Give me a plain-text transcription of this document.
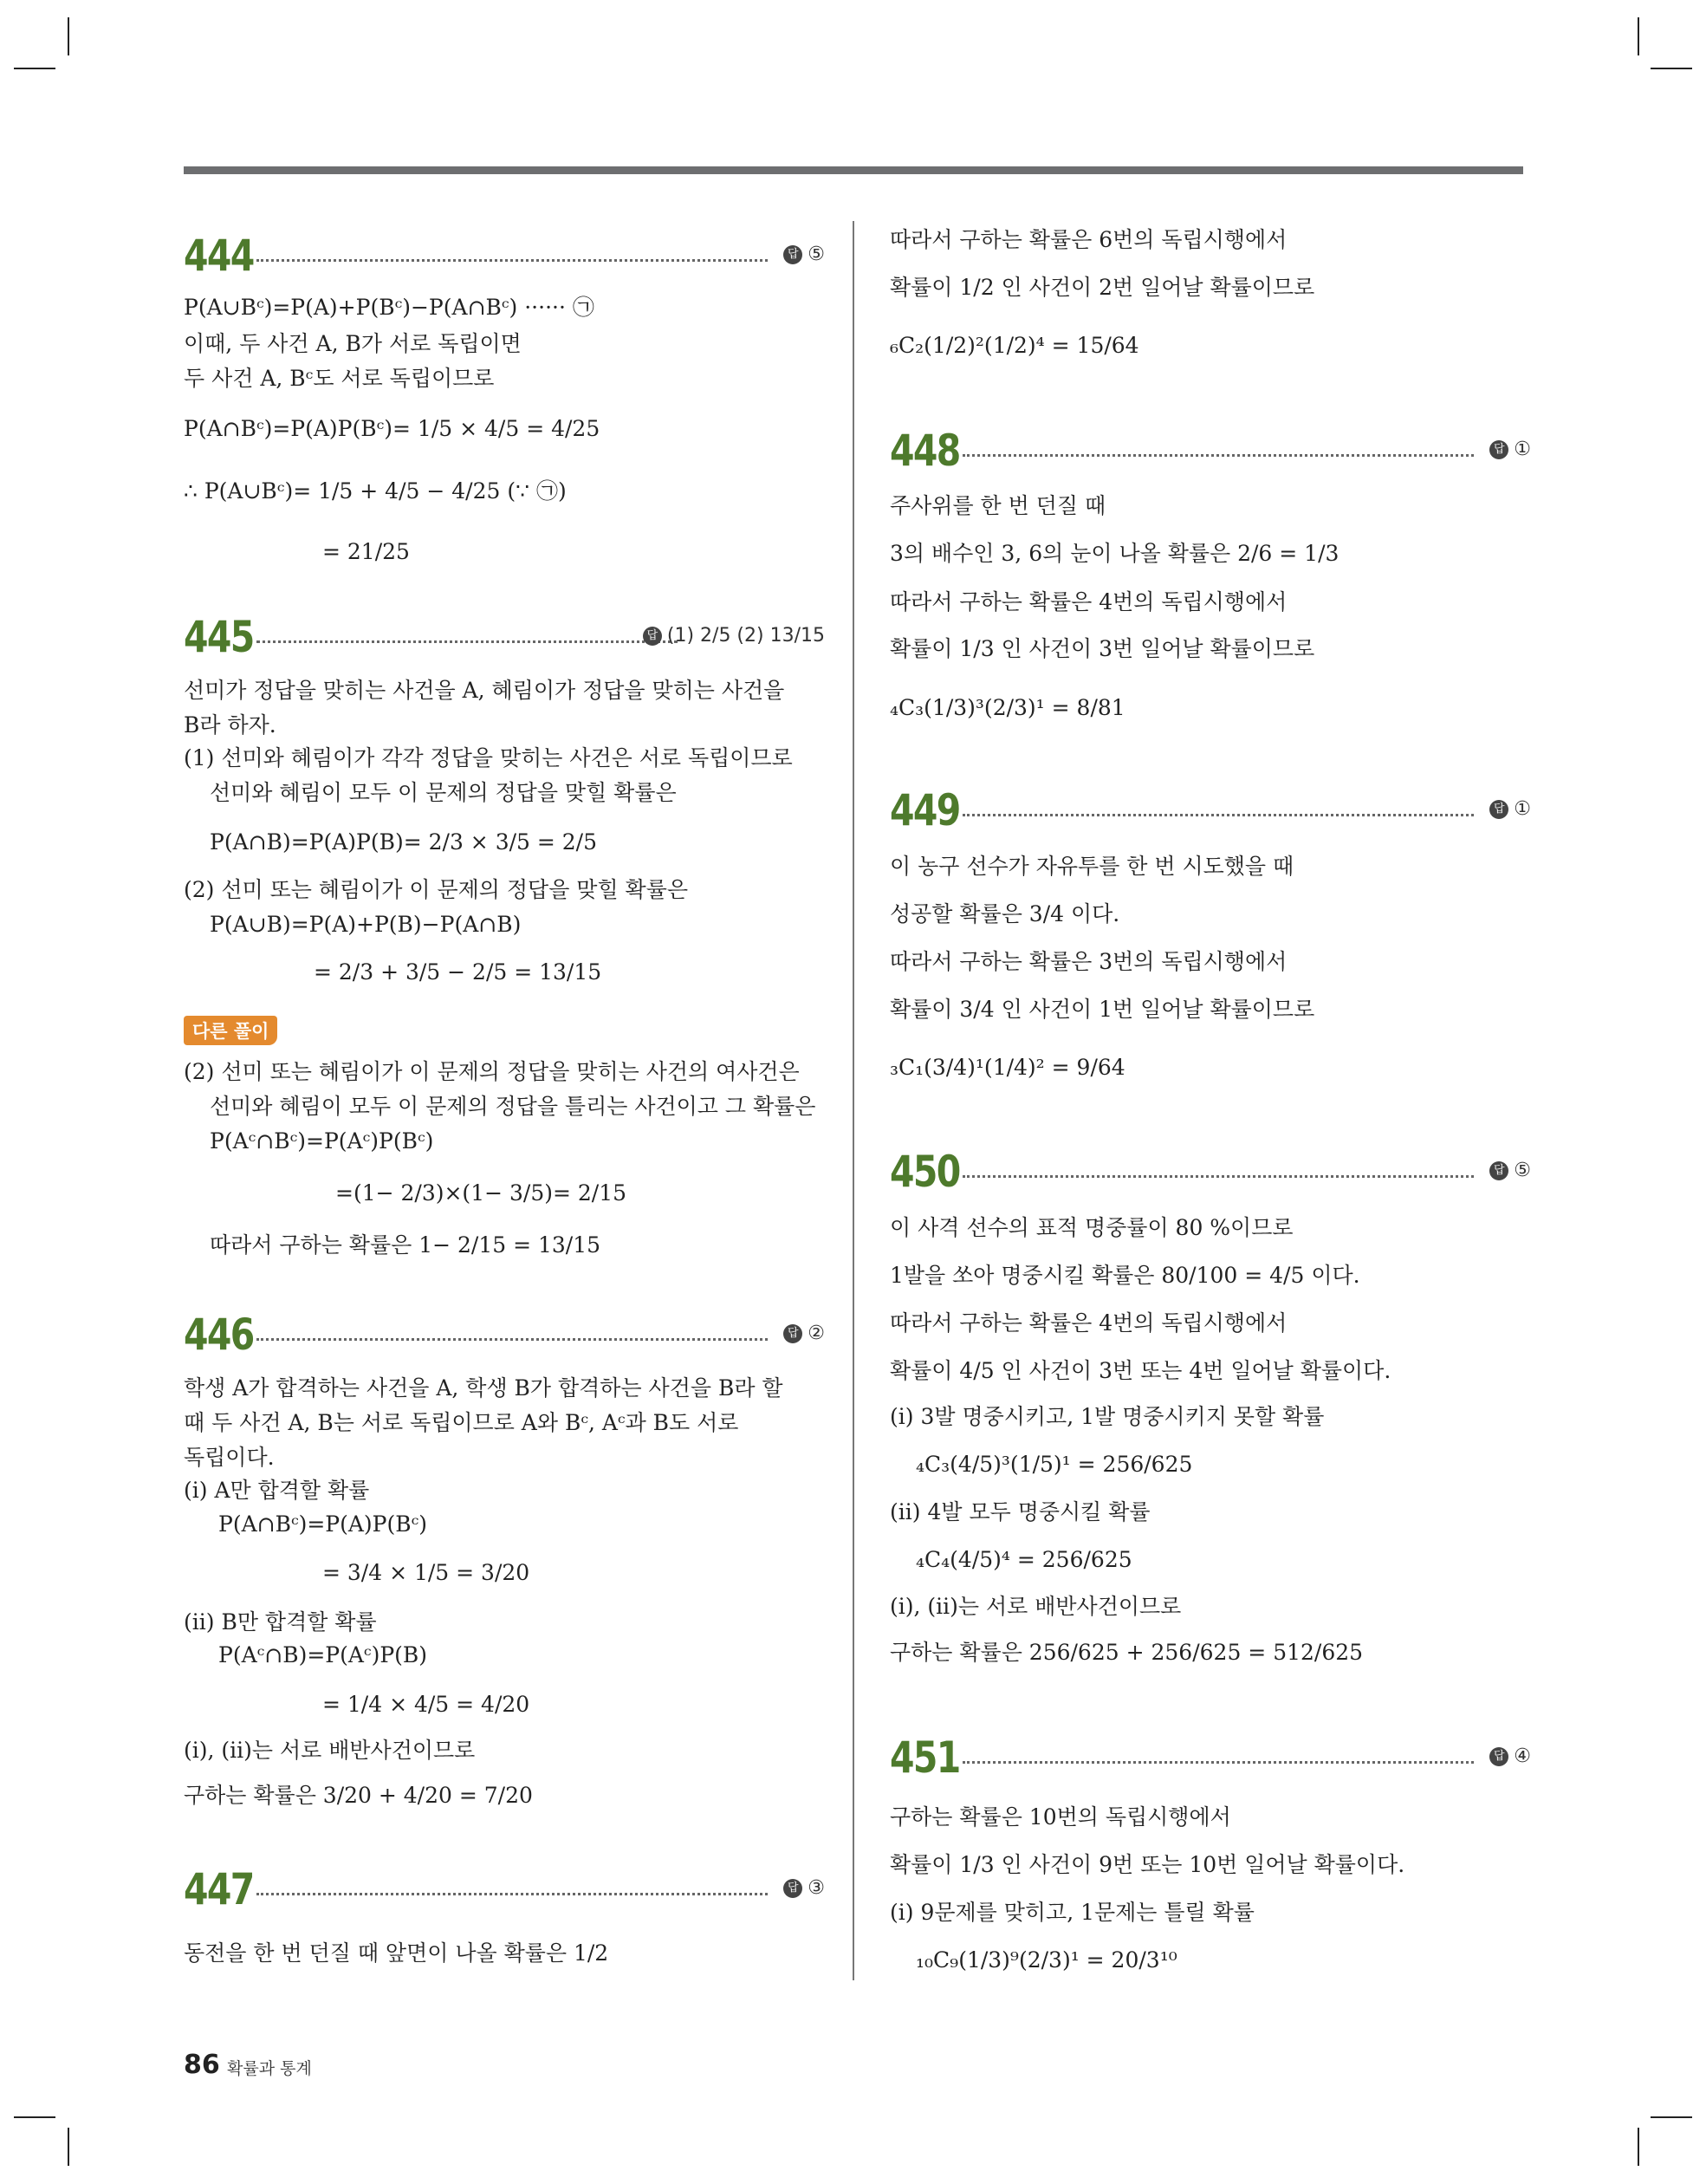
444	답 ⑤
P(A∪Bᶜ)=P(A)+P(Bᶜ)−P(A∩Bᶜ) ······ ㉠
이때, 두 사건 A, B가 서로 독립이면
두 사건 A, Bᶜ도 서로 독립이므로
P(A∩Bᶜ)=P(A)P(Bᶜ)= 1/5 × 4/5 = 4/25
∴ P(A∪Bᶜ)= 1/5 + 4/5 − 4/25 (∵ ㉠)
= 21/25
445	답 (1) 2/5 (2) 13/15
선미가 정답을 맞히는 사건을 A, 혜림이가 정답을 맞히는 사건을
B라 하자.
(1) 선미와 혜림이가 각각 정답을 맞히는 사건은 서로 독립이므로
선미와 혜림이 모두 이 문제의 정답을 맞힐 확률은
P(A∩B)=P(A)P(B)= 2/3 × 3/5 = 2/5
(2) 선미 또는 혜림이가 이 문제의 정답을 맞힐 확률은
P(A∪B)=P(A)+P(B)−P(A∩B)
= 2/3 + 3/5 − 2/5 = 13/15
다른 풀이
(2) 선미 또는 혜림이가 이 문제의 정답을 맞히는 사건의 여사건은
선미와 혜림이 모두 이 문제의 정답을 틀리는 사건이고 그 확률은
P(Aᶜ∩Bᶜ)=P(Aᶜ)P(Bᶜ)
=(1− 2/3)×(1− 3/5)= 2/15
따라서 구하는 확률은 1− 2/15 = 13/15
446	답 ②
학생 A가 합격하는 사건을 A, 학생 B가 합격하는 사건을 B라 할
때 두 사건 A, B는 서로 독립이므로 A와 Bᶜ, Aᶜ과 B도 서로
독립이다.
(ⅰ) A만 합격할 확률
P(A∩Bᶜ)=P(A)P(Bᶜ)
= 3/4 × 1/5 = 3/20
(ⅱ) B만 합격할 확률
P(Aᶜ∩B)=P(Aᶜ)P(B)
= 1/4 × 4/5 = 4/20
(ⅰ), (ⅱ)는 서로 배반사건이므로
구하는 확률은 3/20 + 4/20 = 7/20
447	답 ③
동전을 한 번 던질 때 앞면이 나올 확률은 1/2
따라서 구하는 확률은 6번의 독립시행에서
확률이 1/2 인 사건이 2번 일어날 확률이므로
₆C₂(1/2)²(1/2)⁴ = 15/64
448	답 ①
주사위를 한 번 던질 때
3의 배수인 3, 6의 눈이 나올 확률은 2/6 = 1/3
따라서 구하는 확률은 4번의 독립시행에서
확률이 1/3 인 사건이 3번 일어날 확률이므로
₄C₃(1/3)³(2/3)¹ = 8/81
449	답 ①
이 농구 선수가 자유투를 한 번 시도했을 때
성공할 확률은 3/4 이다.
따라서 구하는 확률은 3번의 독립시행에서
확률이 3/4 인 사건이 1번 일어날 확률이므로
₃C₁(3/4)¹(1/4)² = 9/64
450	답 ⑤
이 사격 선수의 표적 명중률이 80 %이므로
1발을 쏘아 명중시킬 확률은 80/100 = 4/5 이다.
따라서 구하는 확률은 4번의 독립시행에서
확률이 4/5 인 사건이 3번 또는 4번 일어날 확률이다.
(ⅰ) 3발 명중시키고, 1발 명중시키지 못할 확률
₄C₃(4/5)³(1/5)¹ = 256/625
(ⅱ) 4발 모두 명중시킬 확률
₄C₄(4/5)⁴ = 256/625
(ⅰ), (ⅱ)는 서로 배반사건이므로
구하는 확률은 256/625 + 256/625 = 512/625
451	답 ④
구하는 확률은 10번의 독립시행에서
확률이 1/3 인 사건이 9번 또는 10번 일어날 확률이다.
(ⅰ) 9문제를 맞히고, 1문제는 틀릴 확률
₁₀C₉(1/3)⁹(2/3)¹ = 20/3¹⁰
86 확률과 통계
